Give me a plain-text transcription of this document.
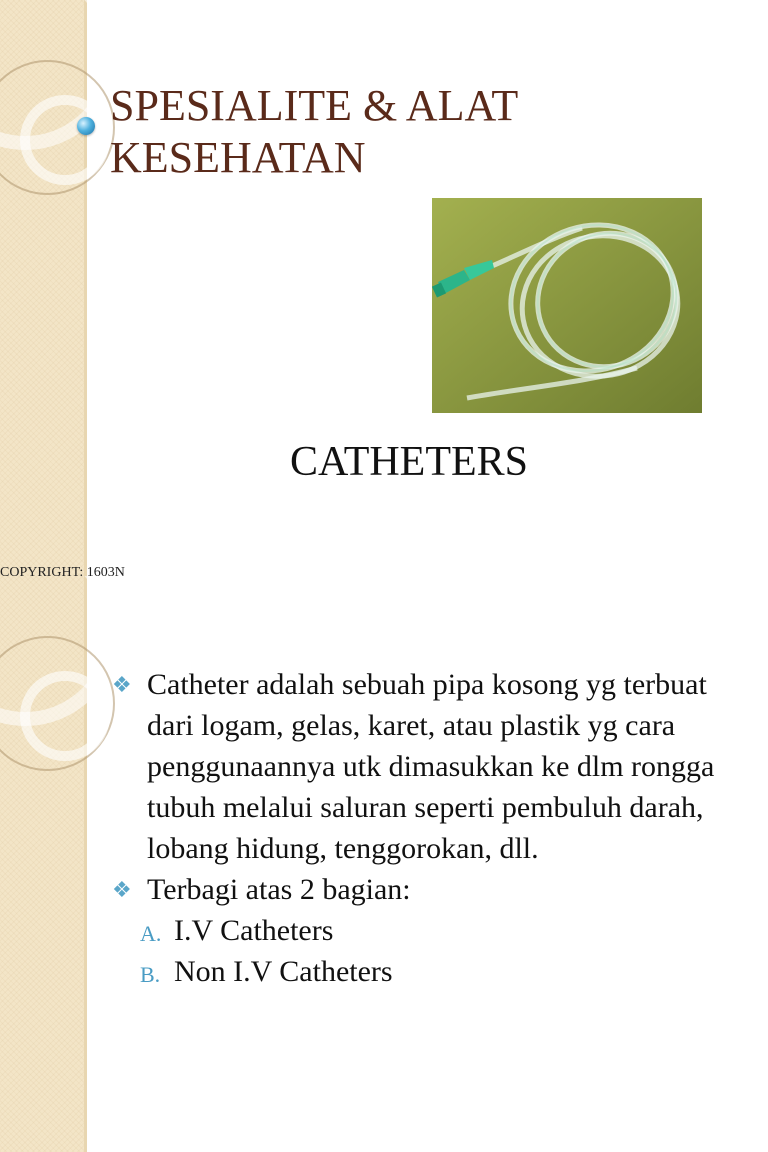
SPESIALITE & ALAT KESEHATAN
CATHETERS
COPYRIGHT: 1603N
❖ Catheter adalah sebuah pipa kosong yg terbuat dari logam, gelas, karet, atau plastik yg cara penggunaannya utk dimasukkan ke dlm rongga tubuh melalui saluran seperti pembuluh darah, lobang hidung, tenggorokan, dll.
❖ Terbagi atas 2 bagian:
A. I.V Catheters
B. Non I.V Catheters
